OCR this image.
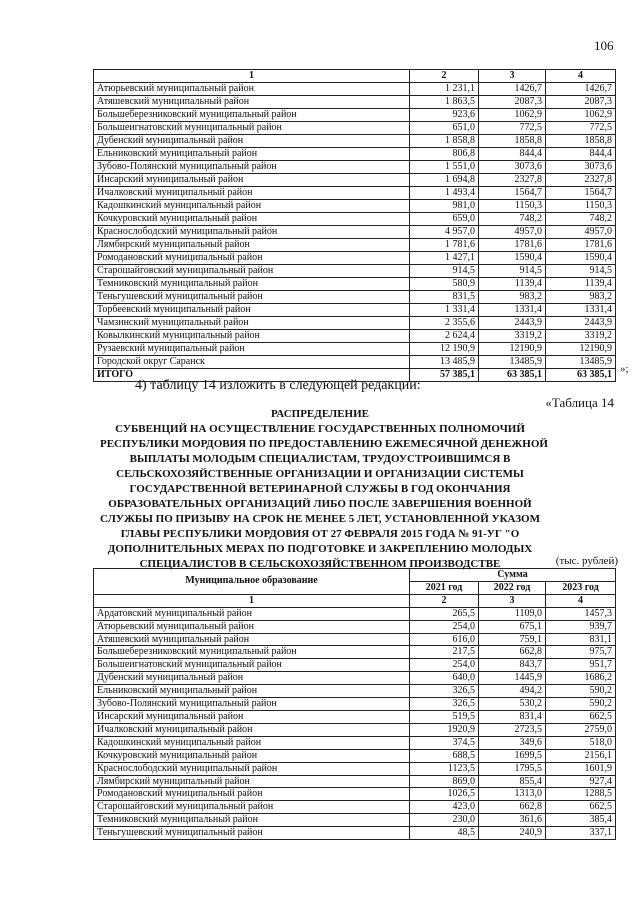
106
1	2	3	4
Атюрьевский муниципальный район	1 231,1	1426,7	1426,7
Атяшевский муниципальный район	1 863,5	2087,3	2087,3
Большеберезниковский муниципальный район	923,6	1062,9	1062,9
Большеигнатовский муниципальный район	651,0	772,5	772,5
Дубенский муниципальный район	1 858,8	1858,8	1858,8
Ельниковский муниципальный район	806,8	844,4	844,4
Зубово-Полянский муниципальный район	1 551,0	3073,6	3073,6
Инсарский муниципальный район	1 694,8	2327,8	2327,8
Ичалковский муниципальный район	1 493,4	1564,7	1564,7
Кадошкинский муниципальный район	981,0	1150,3	1150,3
Кочкуровский муниципальный район	659,0	748,2	748,2
Краснослободский муниципальный район	4 957,0	4957,0	4957,0
Лямбирский муниципальный район	1 781,6	1781,6	1781,6
Ромодановский муниципальный район	1 427,1	1590,4	1590,4
Старошайговский муниципальный район	914,5	914,5	914,5
Темниковский муниципальный район	580,9	1139,4	1139,4
Теньгушевский муниципальный район	831,5	983,2	983,2
Торбеевский муниципальный район	1 331,4	1331,4	1331,4
Чамзинский муниципальный район	2 355,6	2443,9	2443,9
Ковылкинский муниципальный район	2 624,4	3319,2	3319,2
Рузаевский муниципальный район	12 190,9	12190,9	12190,9
Городской округ Саранск	13 485,9	13485,9	13485,9
ИТОГО	57 385,1	63 385,1	63 385,1 »;
4) таблицу 14 изложить в следующей редакции:
«Таблица 14
РАСПРЕДЕЛЕНИЕ
СУБВЕНЦИЙ НА ОСУЩЕСТВЛЕНИЕ ГОСУДАРСТВЕННЫХ ПОЛНОМОЧИЙ
РЕСПУБЛИКИ МОРДОВИЯ ПО ПРЕДОСТАВЛЕНИЮ ЕЖЕМЕСЯЧНОЙ ДЕНЕЖНОЙ
ВЫПЛАТЫ МОЛОДЫМ СПЕЦИАЛИСТАМ, ТРУДОУСТРОИВШИМСЯ В
СЕЛЬСКОХОЗЯЙСТВЕННЫЕ ОРГАНИЗАЦИИ И ОРГАНИЗАЦИИ СИСТЕМЫ
ГОСУДАРСТВЕННОЙ ВЕТЕРИНАРНОЙ СЛУЖБЫ В ГОД ОКОНЧАНИЯ
ОБРАЗОВАТЕЛЬНЫХ ОРГАНИЗАЦИЙ ЛИБО ПОСЛЕ ЗАВЕРШЕНИЯ ВОЕННОЙ
СЛУЖБЫ ПО ПРИЗЫВУ НА СРОК НЕ МЕНЕЕ 5 ЛЕТ, УСТАНОВЛЕННОЙ УКАЗОМ
ГЛАВЫ РЕСПУБЛИКИ МОРДОВИЯ ОТ 27 ФЕВРАЛЯ 2015 ГОДА № 91-УГ "О
ДОПОЛНИТЕЛЬНЫХ МЕРАХ ПО ПОДГОТОВКЕ И ЗАКРЕПЛЕНИЮ МОЛОДЫХ
СПЕЦИАЛИСТОВ В СЕЛЬСКОХОЗЯЙСТВЕННОМ ПРОИЗВОДСТВЕ	(тыс. рублей)
Муниципальное образование	Сумма		
	2021 год	2022 год	2023 год
1	2	3	4
Ардатовский муниципальный район	265,5	1109,0	1457,3
Атюрьевский муниципальный район	254,0	675,1	939,7
Атяшевский муниципальный район	616,0	759,1	831,1
Большеберезниковский муниципальный район	217,5	662,8	975,7
Большеигнатовский муниципальный район	254,0	843,7	951,7
Дубенский муниципальный район	640,0	1445,9	1686,2
Ельниковский муниципальный район	326,5	494,2	590,2
Зубово-Полянский муниципальный район	326,5	530,2	590,2
Инсарский муниципальный район	519,5	831,4	662,5
Ичалковский муниципальный район	1920,9	2723,5	2759,0
Кадошкинский муниципальный район	374,5	349,6	518,0
Кочкуровский муниципальный район	688,5	1699,5	2156,1
Краснослободский муниципальный район	1123,5	1795,5	1601,9
Лямбирский муниципальный район	869,0	855,4	927,4
Ромодановский муниципальный район	1026,5	1313,0	1288,5
Старошайговский муниципальный район	423,0	662,8	662,5
Темниковский муниципальный район	230,0	361,6	385,4
Теньгушевский муниципальный район	48,5	240,9	337,1
